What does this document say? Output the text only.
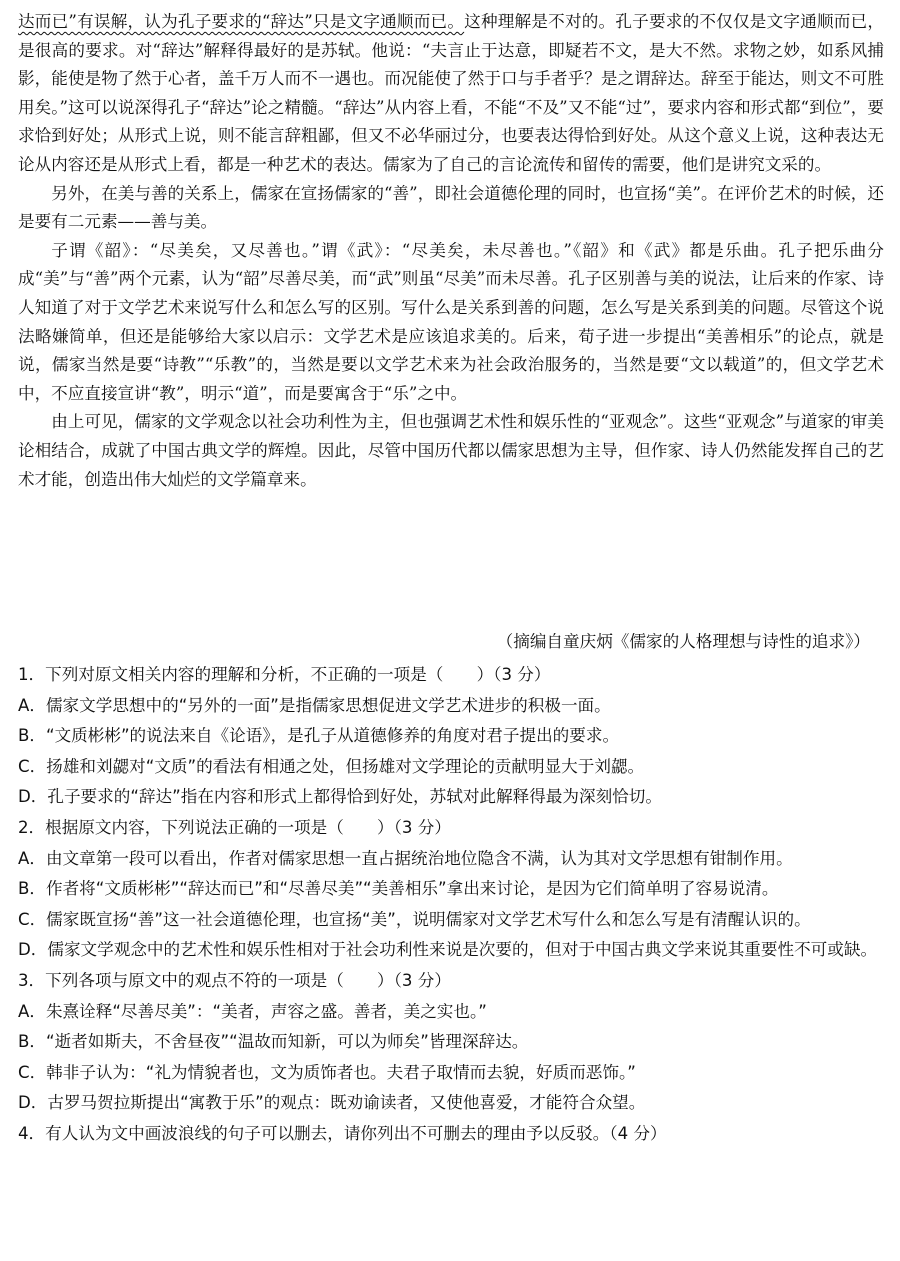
达而已”有误解，认为孔子要求的“辞达”只是文字通顺而已。这种理解是不对的。孔子要求的不仅仅是文字通顺而已，是很高的要求。对“辞达”解释得最好的是苏轼。他说：“夫言止于达意，即疑若不文，是大不然。求物之妙，如系风捕影，能使是物了然于心者，盖千万人而不一遇也。而况能使了然于口与手者乎？是之谓辞达。辞至于能达，则文不可胜用矣。”这可以说深得孔子“辞达”论之精髓。“辞达”从内容上看，不能“不及”又不能“过”，要求内容和形式都“到位”，要求恰到好处；从形式上说，则不能言辞粗鄙，但又不必华丽过分，也要表达得恰到好处。从这个意义上说，这种表达无论从内容还是从形式上看，都是一种艺术的表达。儒家为了自己的言论流传和留传的需要，他们是讲究文采的。

另外，在美与善的关系上，儒家在宣扬儒家的“善”，即社会道德伦理的同时，也宣扬“美”。在评价艺术的时候，还是要有二元素——善与美。

子谓《韶》：“尽美矣，又尽善也。”谓《武》：“尽美矣，未尽善也。”《韶》和《武》都是乐曲。孔子把乐曲分成“美”与“善”两个元素，认为“韶”尽善尽美，而“武”则虽“尽美”而未尽善。孔子区别善与美的说法，让后来的作家、诗人知道了对于文学艺术来说写什么和怎么写的区别。写什么是关系到善的问题，怎么写是关系到美的问题。尽管这个说法略嫌简单，但还是能够给大家以启示：文学艺术是应该追求美的。后来，荀子进一步提出“美善相乐”的论点，就是说，儒家当然是要“诗教”“乐教”的，当然是要以文学艺术来为社会政治服务的，当然是要“文以载道”的，但文学艺术中，不应直接宣讲“教”，明示“道”，而是要寓含于“乐”之中。

由上可见，儒家的文学观念以社会功利性为主，但也强调艺术性和娱乐性的“亚观念”。这些“亚观念”与道家的审美论相结合，成就了中国古典文学的辉煌。因此，尽管中国历代都以儒家思想为主导，但作家、诗人仍然能发挥自己的艺术才能，创造出伟大灿烂的文学篇章来。

（摘编自童庆炳《儒家的人格理想与诗性的追求》）

1．下列对原文相关内容的理解和分析，不正确的一项是（　　）（3 分）

A．儒家文学思想中的“另外的一面”是指儒家思想促进文学艺术进步的积极一面。

B．“文质彬彬”的说法来自《论语》，是孔子从道德修养的角度对君子提出的要求。

C．扬雄和刘勰对“文质”的看法有相通之处，但扬雄对文学理论的贡献明显大于刘勰。

D．孔子要求的“辞达”指在内容和形式上都得恰到好处，苏轼对此解释得最为深刻恰切。

2．根据原文内容，下列说法正确的一项是（　　）（3 分）

A．由文章第一段可以看出，作者对儒家思想一直占据统治地位隐含不满，认为其对文学思想有钳制作用。

B．作者将“文质彬彬”“辞达而已”和“尽善尽美”“美善相乐”拿出来讨论，是因为它们简单明了容易说清。

C．儒家既宣扬“善”这一社会道德伦理，也宣扬“美”，说明儒家对文学艺术写什么和怎么写是有清醒认识的。

D．儒家文学观念中的艺术性和娱乐性相对于社会功利性来说是次要的，但对于中国古典文学来说其重要性不可或缺。

3．下列各项与原文中的观点不符的一项是（　　）（3 分）

A．朱熹诠释“尽善尽美”：“美者，声容之盛。善者，美之实也。”

B．“逝者如斯夫，不舍昼夜”“温故而知新，可以为师矣”皆理深辞达。

C．韩非子认为：“礼为情貌者也，文为质饰者也。夫君子取情而去貌，好质而恶饰。”

D．古罗马贺拉斯提出“寓教于乐”的观点：既劝谕读者，又使他喜爱，才能符合众望。

4．有人认为文中画波浪线的句子可以删去，请你列出不可删去的理由予以反驳。（4 分）
